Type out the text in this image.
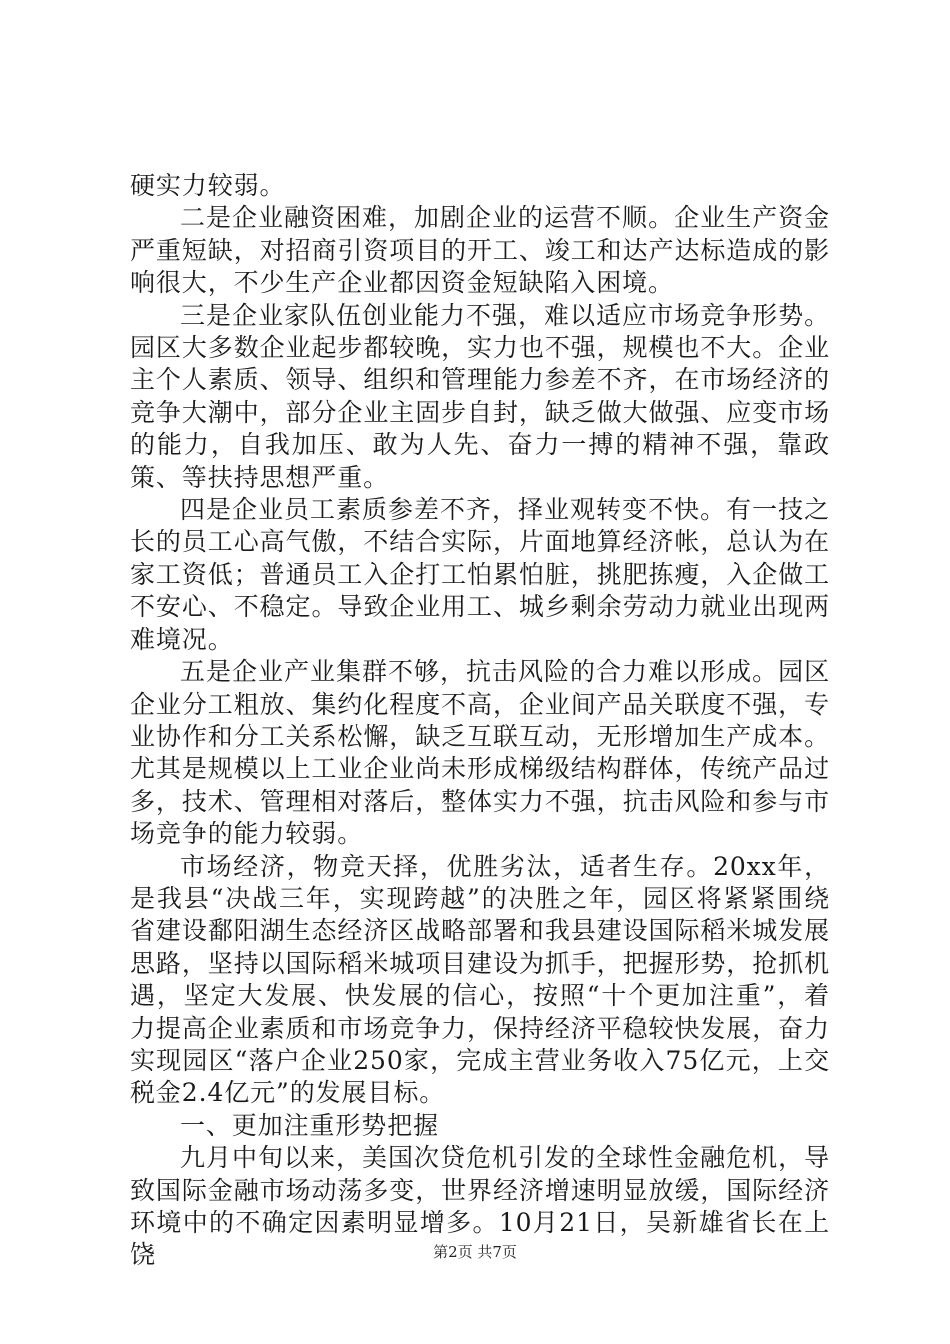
硬实力较弱。

二是企业融资困难，加剧企业的运营不顺。企业生产资金严重短缺，对招商引资项目的开工、竣工和达产达标造成的影响很大，不少生产企业都因资金短缺陷入困境。

三是企业家队伍创业能力不强，难以适应市场竞争形势。园区大多数企业起步都较晚，实力也不强，规模也不大。企业主个人素质、领导、组织和管理能力参差不齐，在市场经济的竞争大潮中，部分企业主固步自封，缺乏做大做强、应变市场的能力，自我加压、敢为人先、奋力一搏的精神不强，靠政策、等扶持思想严重。

四是企业员工素质参差不齐，择业观转变不快。有一技之长的员工心高气傲，不结合实际，片面地算经济帐，总认为在家工资低；普通员工入企打工怕累怕脏，挑肥拣瘦，入企做工不安心、不稳定。导致企业用工、城乡剩余劳动力就业出现两难境况。

五是企业产业集群不够，抗击风险的合力难以形成。园区企业分工粗放、集约化程度不高，企业间产品关联度不强，专业协作和分工关系松懈，缺乏互联互动，无形增加生产成本。尤其是规模以上工业企业尚未形成梯级结构群体，传统产品过多，技术、管理相对落后，整体实力不强，抗击风险和参与市场竞争的能力较弱。

市场经济，物竞天择，优胜劣汰，适者生存。20xx年，是我县“决战三年，实现跨越”的决胜之年，园区将紧紧围绕省建设鄱阳湖生态经济区战略部署和我县建设国际稻米城发展思路，坚持以国际稻米城项目建设为抓手，把握形势，抢抓机遇，坚定大发展、快发展的信心，按照“十个更加注重”，着力提高企业素质和市场竞争力，保持经济平稳较快发展，奋力实现园区“落户企业250家，完成主营业务收入75亿元，上交税金2.4亿元”的发展目标。

一、更加注重形势把握

九月中旬以来，美国次贷危机引发的全球性金融危机，导致国际金融市场动荡多变，世界经济增速明显放缓，国际经济环境中的不确定因素明显增多。10月21日，吴新雄省长在上饶	第2页 共7页
